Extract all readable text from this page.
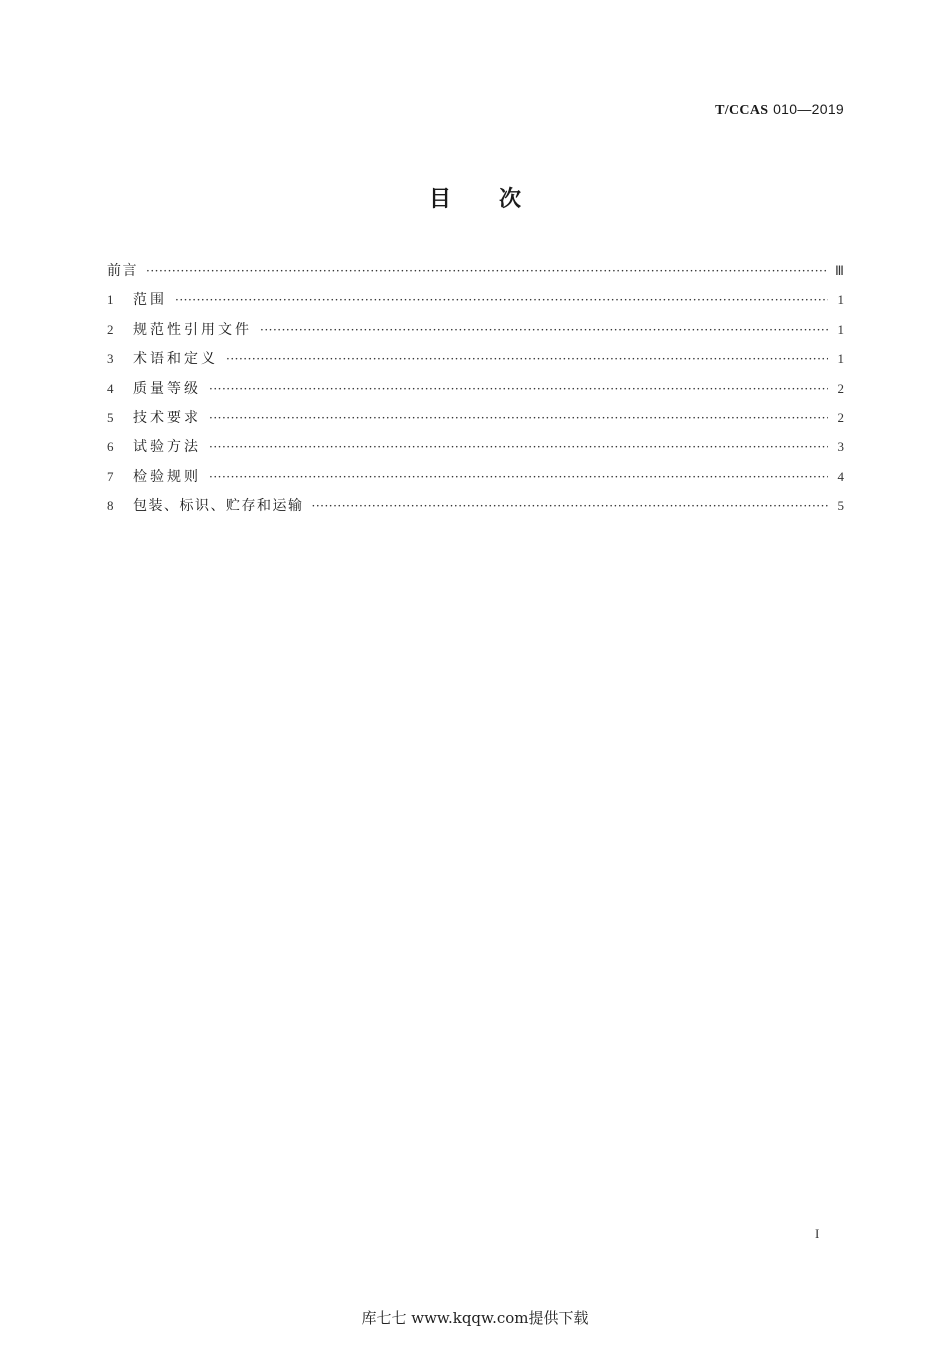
T/CCAS 010—2019
目次
前言 ·····	Ⅲ
1	范围 ·····	1
2	规范性引用文件 ·····	1
3	术语和定义 ·····	1
4	质量等级 ·····	2
5	技术要求 ·····	2
6	试验方法 ·····	3
7	检验规则 ·····	4
8	包装、标识、贮存和运输 ·····	5
I
库七七 www.kqqw.com提供下载
